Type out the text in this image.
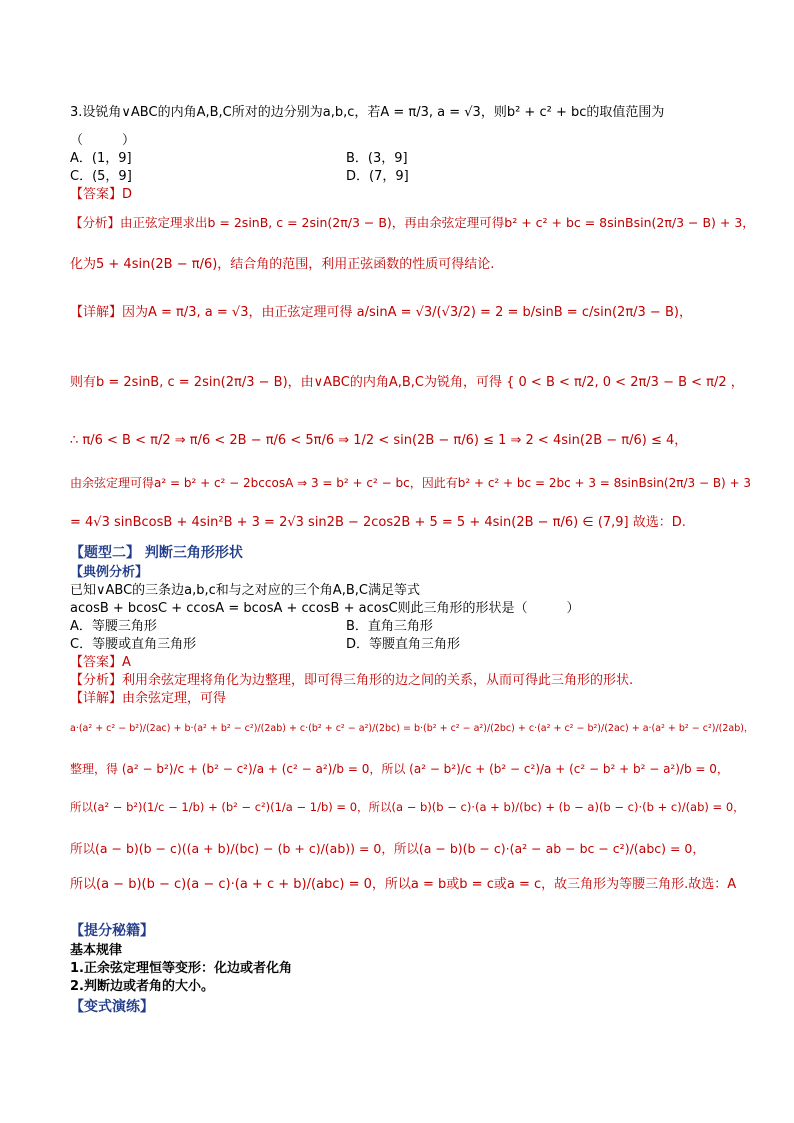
3.设锐角∨ABC的内角A,B,C所对的边分别为a,b,c，若A = π/3, a = √3，则b² + c² + bc的取值范围为
（　　　）
A．(1，9]	B．(3，9]
C．(5，9]	D．(7，9]
【答案】D
【分析】由正弦定理求出b = 2sinB, c = 2sin(2π/3 − B)，再由余弦定理可得b² + c² + bc = 8sinBsin(2π/3 − B) + 3，
化为5 + 4sin(2B − π/6)，结合角的范围，利用正弦函数的性质可得结论.
【详解】因为A = π/3, a = √3，由正弦定理可得 a/sinA = √3/(√3/2) = 2 = b/sinB = c/sin(2π/3 − B)，
则有b = 2sinB, c = 2sin(2π/3 − B)，由∨ABC的内角A,B,C为锐角，可得 { 0 < B < π/2, 0 < 2π/3 − B < π/2 ，
∴ π/6 < B < π/2 ⇒ π/6 < 2B − π/6 < 5π/6 ⇒ 1/2 < sin(2B − π/6) ≤ 1 ⇒ 2 < 4sin(2B − π/6) ≤ 4，
由余弦定理可得a² = b² + c² − 2bccosA ⇒ 3 = b² + c² − bc，因此有b² + c² + bc = 2bc + 3 = 8sinBsin(2π/3 − B) + 3
= 4√3 sinBcosB + 4sin²B + 3 = 2√3 sin2B − 2cos2B + 5 = 5 + 4sin(2B − π/6) ∈ (7,9] 故选：D.
【题型二】 判断三角形形状
【典例分析】
已知∨ABC的三条边a,b,c和与之对应的三个角A,B,C满足等式
acosB + bcosC + ccosA = bcosA + ccosB + acosC则此三角形的形状是（　　　）
A．等腰三角形	B．直角三角形
C．等腰或直角三角形	D．等腰直角三角形
【答案】A
【分析】利用余弦定理将角化为边整理，即可得三角形的边之间的关系，从而可得此三角形的形状.
【详解】由余弦定理，可得
a·(a² + c² − b²)/(2ac) + b·(a² + b² − c²)/(2ab) + c·(b² + c² − a²)/(2bc) = b·(b² + c² − a²)/(2bc) + c·(a² + c² − b²)/(2ac) + a·(a² + b² − c²)/(2ab)，
整理，得 (a² − b²)/c + (b² − c²)/a + (c² − a²)/b = 0，所以 (a² − b²)/c + (b² − c²)/a + (c² − b² + b² − a²)/b = 0，
所以(a² − b²)(1/c − 1/b) + (b² − c²)(1/a − 1/b) = 0，所以(a − b)(b − c)·(a + b)/(bc) + (b − a)(b − c)·(b + c)/(ab) = 0，
所以(a − b)(b − c)((a + b)/(bc) − (b + c)/(ab)) = 0，所以(a − b)(b − c)·(a² − ab − bc − c²)/(abc) = 0，
所以(a − b)(b − c)(a − c)·(a + c + b)/(abc) = 0，所以a = b或b = c或a = c，故三角形为等腰三角形.故选：A
【提分秘籍】
基本规律
1.正余弦定理恒等变形：化边或者化角
2.判断边或者角的大小。
【变式演练】
